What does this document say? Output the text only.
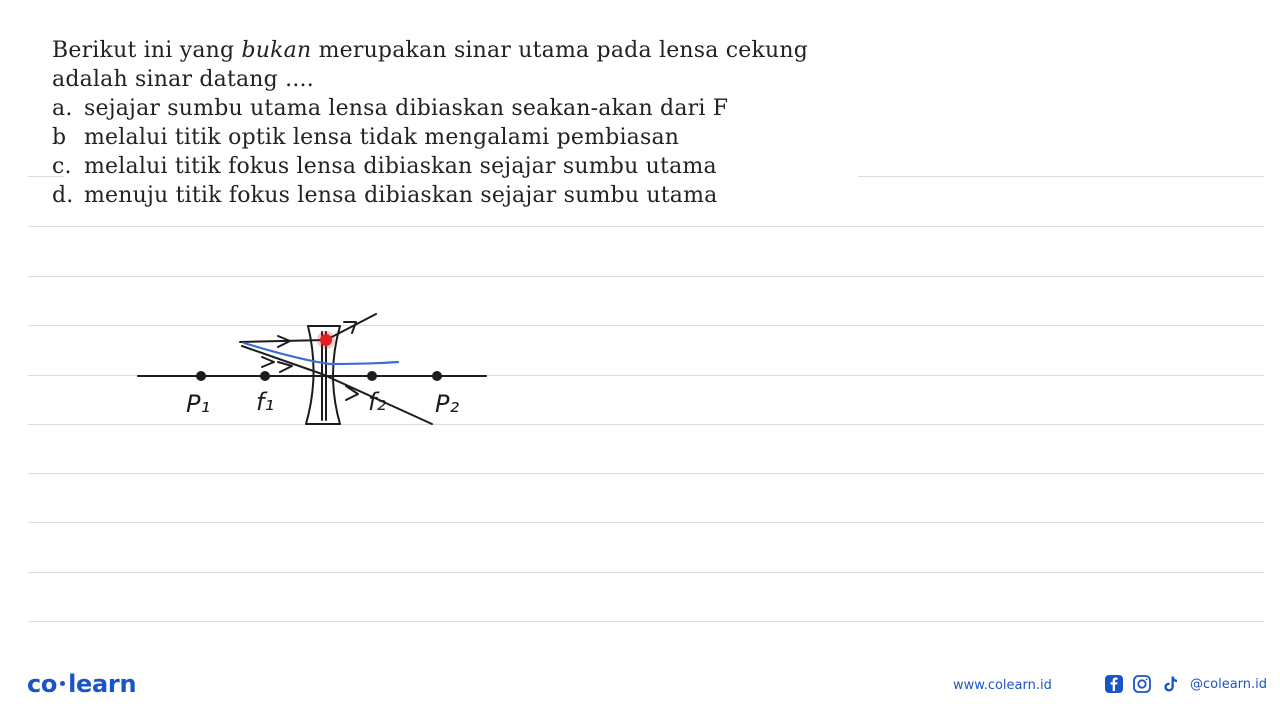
Berikut ini yang bukan merupakan sinar utama pada lensa cekung

adalah sinar datang ....

a. sejajar sumbu utama lensa dibiaskan seakan-akan dari F
b melalui titik optik lensa tidak mengalami pembiasan
c. melalui titik fokus lensa dibiaskan sejajar sumbu utama
d. menuju titik fokus lensa dibiaskan sejajar sumbu utama
P₁ f₁	f₂ P₂
co learn	www.colearn.id	@colearn.id
